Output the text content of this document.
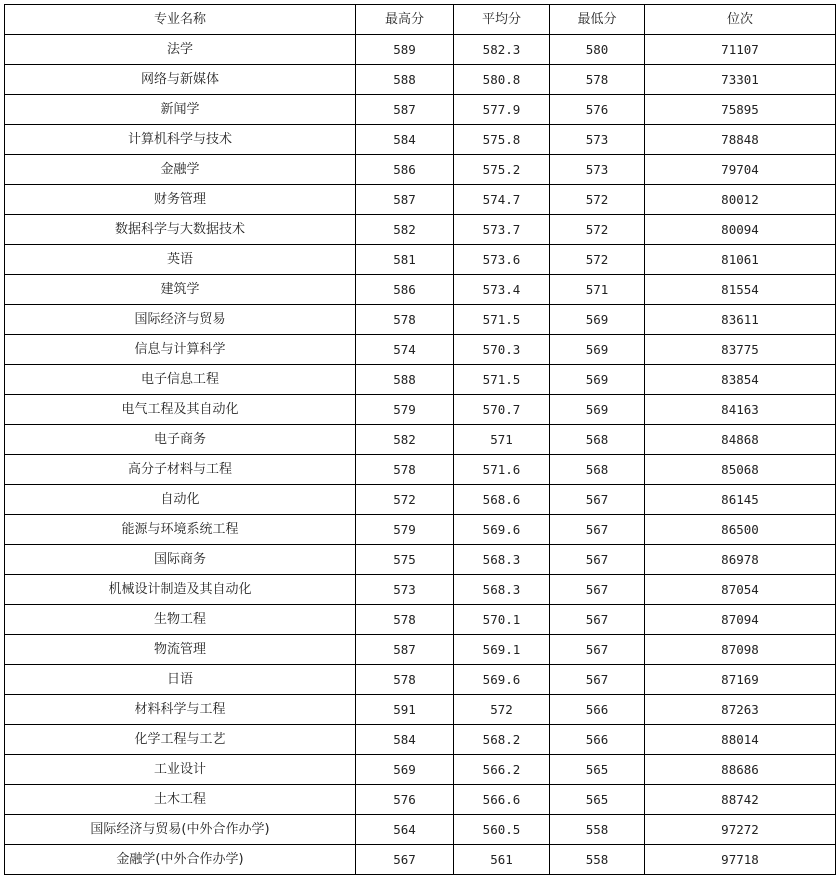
专业名称	最高分	平均分	最低分	位次
法学	589	582.3	580	71107
网络与新媒体	588	580.8	578	73301
新闻学	587	577.9	576	75895
计算机科学与技术	584	575.8	573	78848
金融学	586	575.2	573	79704
财务管理	587	574.7	572	80012
数据科学与大数据技术	582	573.7	572	80094
英语	581	573.6	572	81061
建筑学	586	573.4	571	81554
国际经济与贸易	578	571.5	569	83611
信息与计算科学	574	570.3	569	83775
电子信息工程	588	571.5	569	83854
电气工程及其自动化	579	570.7	569	84163
电子商务	582	571	568	84868
高分子材料与工程	578	571.6	568	85068
自动化	572	568.6	567	86145
能源与环境系统工程	579	569.6	567	86500
国际商务	575	568.3	567	86978
机械设计制造及其自动化	573	568.3	567	87054
生物工程	578	570.1	567	87094
物流管理	587	569.1	567	87098
日语	578	569.6	567	87169
材料科学与工程	591	572	566	87263
化学工程与工艺	584	568.2	566	88014
工业设计	569	566.2	565	88686
土木工程	576	566.6	565	88742
国际经济与贸易(中外合作办学)	564	560.5	558	97272
金融学(中外合作办学)	567	561	558	97718
